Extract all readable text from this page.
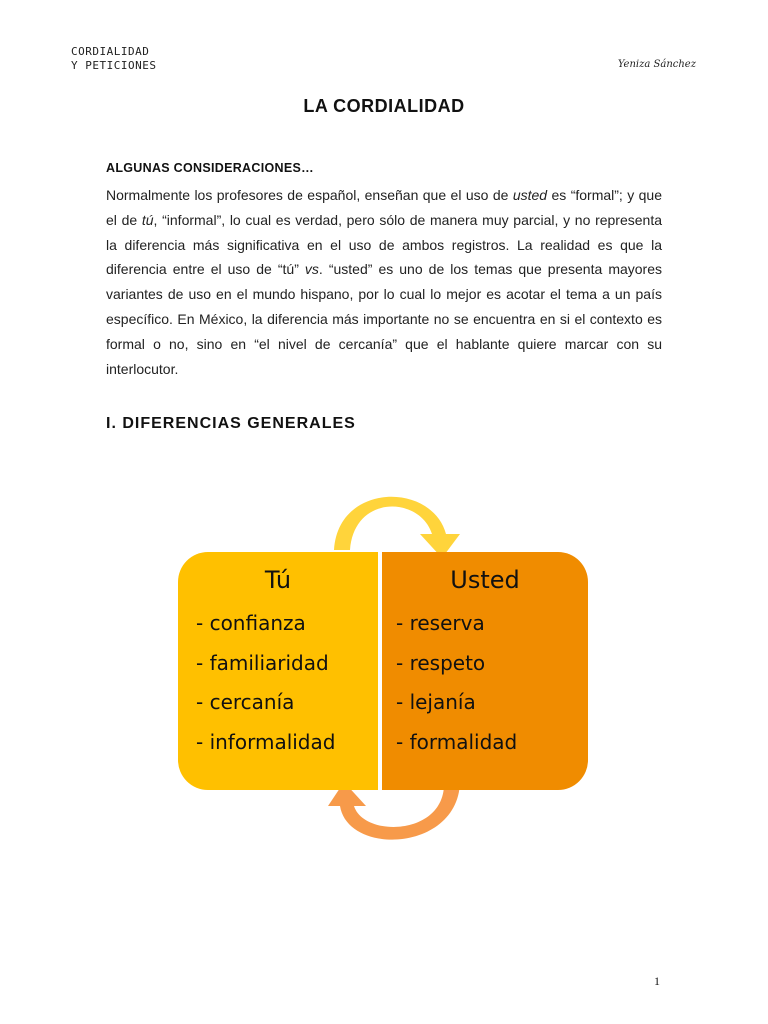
CORDIALIDAD
Y PETICIONES	Yeniza Sánchez
LA CORDIALIDAD
ALGUNAS CONSIDERACIONES…

Normalmente los profesores de español, enseñan que el uso de usted es “formal”; y que el de tú, “informal”, lo cual es verdad, pero sólo de manera muy parcial, y no representa la diferencia más significativa en el uso de ambos registros. La realidad es que la diferencia entre el uso de “tú” vs. “usted” es uno de los temas que presenta mayores variantes de uso en el mundo hispano, por lo cual lo mejor es acotar el tema a un país específico. En México, la diferencia más importante no se encuentra en si el contexto es formal o no, sino en “el nivel de cercanía” que el hablante quiere marcar con su interlocutor.

I. DIFERENCIAS GENERALES
Tú
- confianza
- familiaridad
- cercanía
- informalidad
Usted
- reserva
- respeto
- lejanía
- formalidad
1
